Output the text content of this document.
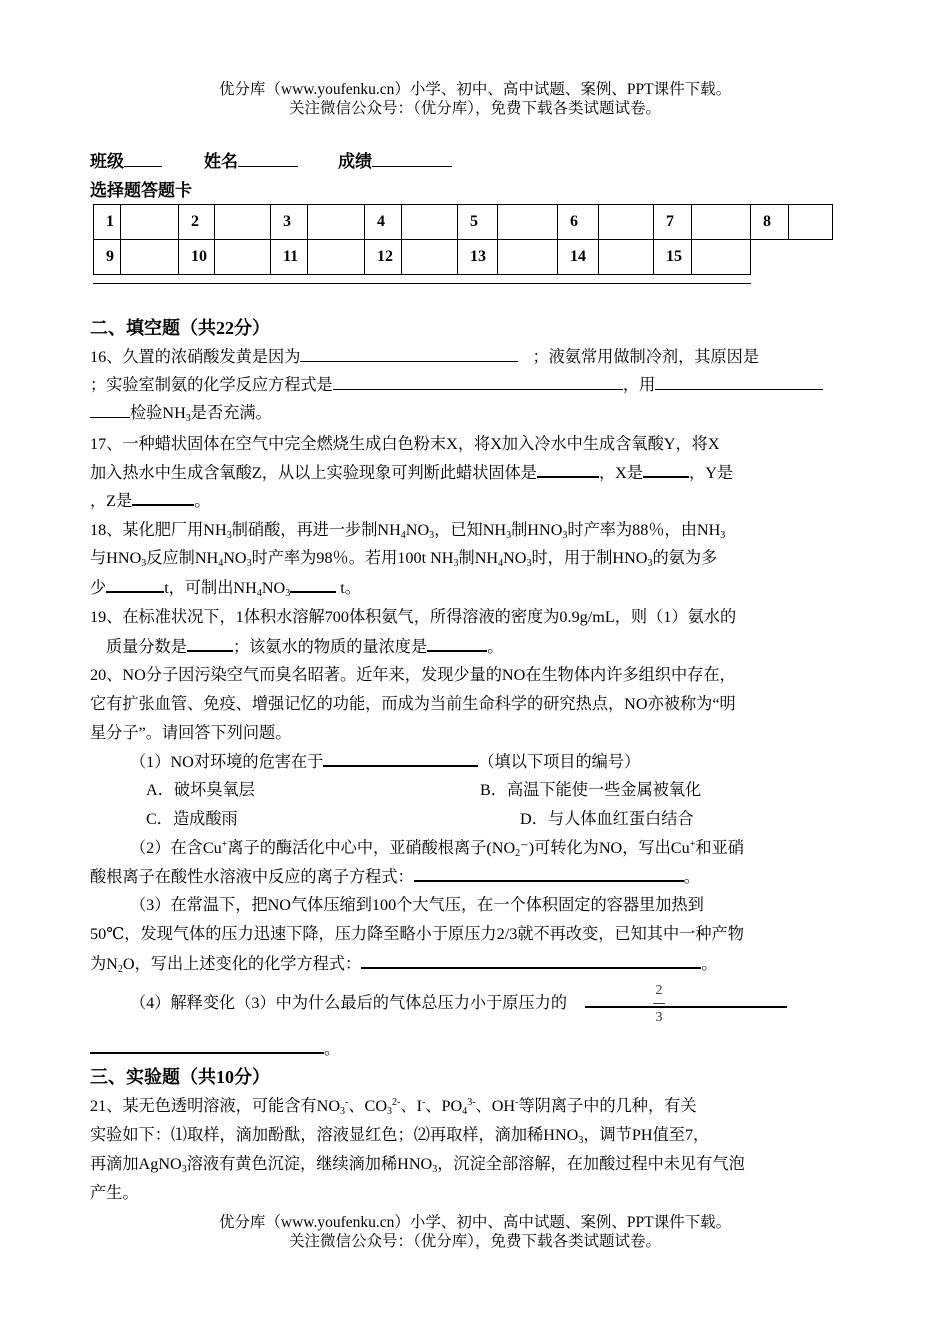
优分库（www.youfenku.cn）小学、初中、高中试题、案例、PPT课件下载。
关注微信公众号：（优分库），免费下载各类试题试卷。
班级	姓名	成绩
选择题答题卡
1		2		3		4		5		6		7		8	
9		10		11		12		13		14		15			
二、填空题（共22分）
16、久置的浓硝酸发黄是因为	；液氨常用做制冷剂，其原因是
；实验室制氨的化学反应方程式是	，用
检验$NH_3$是否充满。
17、一种蜡状固体在空气中完全燃烧生成白色粉末X，将X加入冷水中生成含氧酸Y，将X
加入热水中生成含氧酸Z，从以上实验现象可判断此蜡状固体是	，X是	，Y是
，Z是	。
18、某化肥厂用$NH_3$制硝酸，再进一步制$NH_4NO_3$，已知$NH_3$制$HNO_3$时产率为88％，由$NH_3$
与$HNO_3$反应制$NH_4NO_3$时产率为98％。若用100t $NH_3$制$NH_4NO_3$时，用于制$HNO_3$的氨为多
少	t，可制出$NH_4NO_3$	t。
19、在标准状况下，1体积水溶解700体积氨气，所得溶液的密度为0.9g/mL，则（1）氨水的
质量分数是	；该氨水的物质的量浓度是	。
20、NO分子因污染空气而臭名昭著。近年来，发现少量的NO在生物体内许多组织中存在，
它有扩张血管、免疫、增强记忆的功能，而成为当前生命科学的研究热点，NO亦被称为“明
星分子”。请回答下列问题。
（1）NO对环境的危害在于	（填以下项目的编号）
A．破坏臭氧层	B．高温下能使一些金属被氧化
C．造成酸雨	D．与人体血红蛋白结合
（2）在含Cu+离子的酶活化中心中，亚硝酸根离子$(NO_2^-)$可转化为NO，写出Cu+和亚硝
酸根离子在酸性水溶液中反应的离子方程式：	。
（3）在常温下，把NO气体压缩到100个大气压，在一个体积固定的容器里加热到
50℃，发现气体的压力迅速下降，压力降至略小于原压力2/3就不再改变，已知其中一种产物
为$N_2O$，写出上述变化的化学方程式：	。
（4）解释变化（3）中为什么最后的气体总压力小于原压力的
2
3
。
三、实验题（共10分）
21、某无色透明溶液，可能含有$NO_3^-$、$CO_3^{2-}$、I-、$PO_4^{3-}$、OH-等阴离子中的几种，有关
实验如下：⑴取样，滴加酚酞，溶液显红色；⑵再取样，滴加稀$HNO_3$，调节PH值至7，
再滴加AgNO$_3$溶液有黄色沉淀，继续滴加稀$HNO_3$，沉淀全部溶解，在加酸过程中未见有气泡
产生。
优分库（www.youfenku.cn）小学、初中、高中试题、案例、PPT课件下载。
关注微信公众号：（优分库），免费下载各类试题试卷。
